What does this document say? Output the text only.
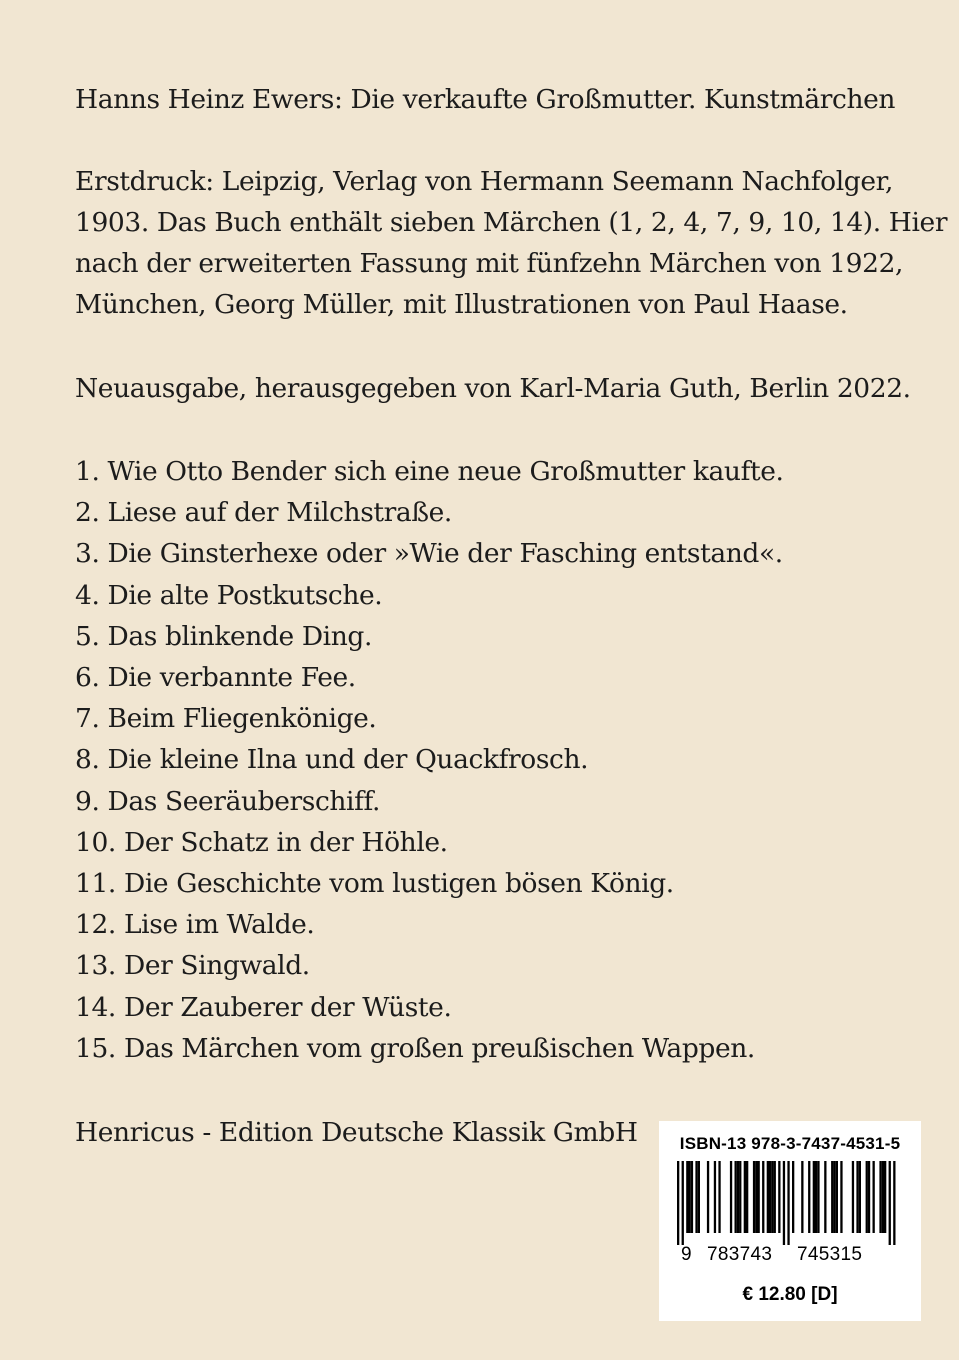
Hanns Heinz Ewers: Die verkaufte Großmutter. Kunstmärchen

Erstdruck: Leipzig, Verlag von Hermann Seemann Nachfolger,
1903. Das Buch enthält sieben Märchen (1, 2, 4, 7, 9, 10, 14). Hier
nach der erweiterten Fassung mit fünfzehn Märchen von 1922,
München, Georg Müller, mit Illustrationen von Paul Haase.

Neuausgabe, herausgegeben von Karl-Maria Guth, Berlin 2022.

1. Wie Otto Bender sich eine neue Großmutter kaufte.
2. Liese auf der Milchstraße.
3. Die Ginsterhexe oder »Wie der Fasching entstand«.
4. Die alte Postkutsche.
5. Das blinkende Ding.
6. Die verbannte Fee.
7. Beim Fliegenkönige.
8. Die kleine Ilna und der Quackfrosch.
9. Das Seeräuberschiff.
10. Der Schatz in der Höhle.
11. Die Geschichte vom lustigen bösen König.
12. Lise im Walde.
13. Der Singwald.
14. Der Zauberer der Wüste.
15. Das Märchen vom großen preußischen Wappen.

Henricus - Edition Deutsche Klassik GmbH	ISBN-13 978-3-7437-4531-5
9 783743 745315
€ 12.80 [D]
